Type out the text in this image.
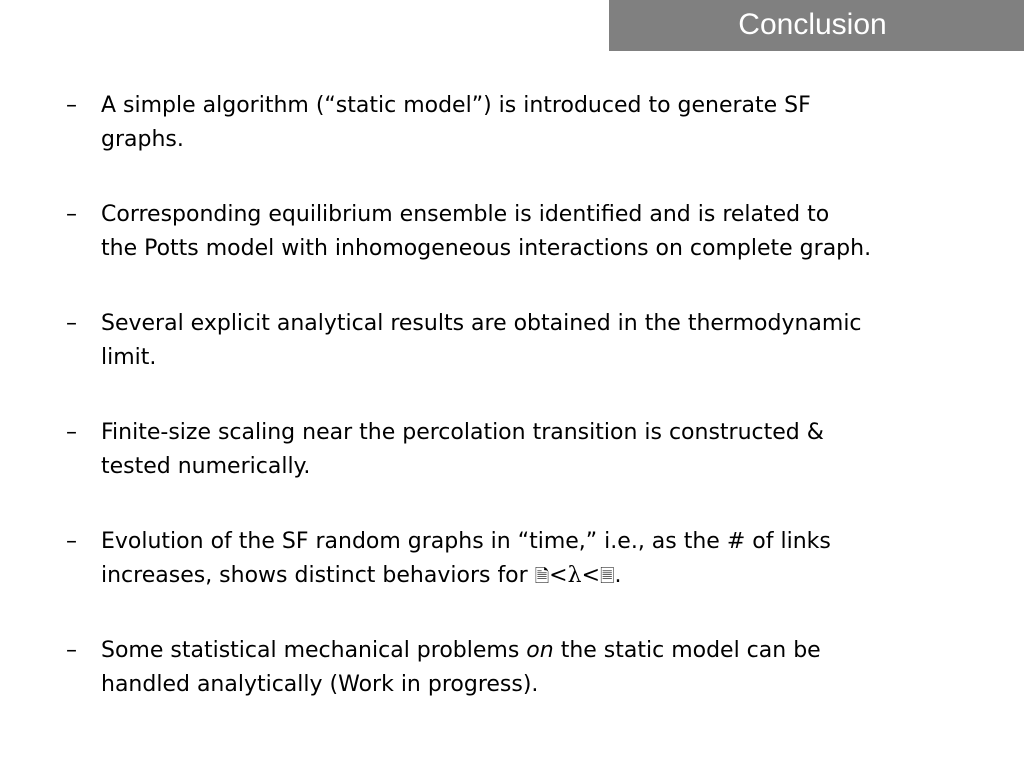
Conclusion
– A simple algorithm (“static model”) is introduced to generate SF
graphs.
– Corresponding equilibrium ensemble is identified and is related to
the Potts model with inhomogeneous interactions on complete graph.
– Several explicit analytical results are obtained in the thermodynamic
limit.
– Finite-size scaling near the percolation transition is constructed &
tested numerically.
– Evolution of the SF random graphs in “time,” i.e., as the # of links
increases, shows distinct behaviors for 🗎<λ<🗏.
– Some statistical mechanical problems on the static model can be
handled analytically (Work in progress).
